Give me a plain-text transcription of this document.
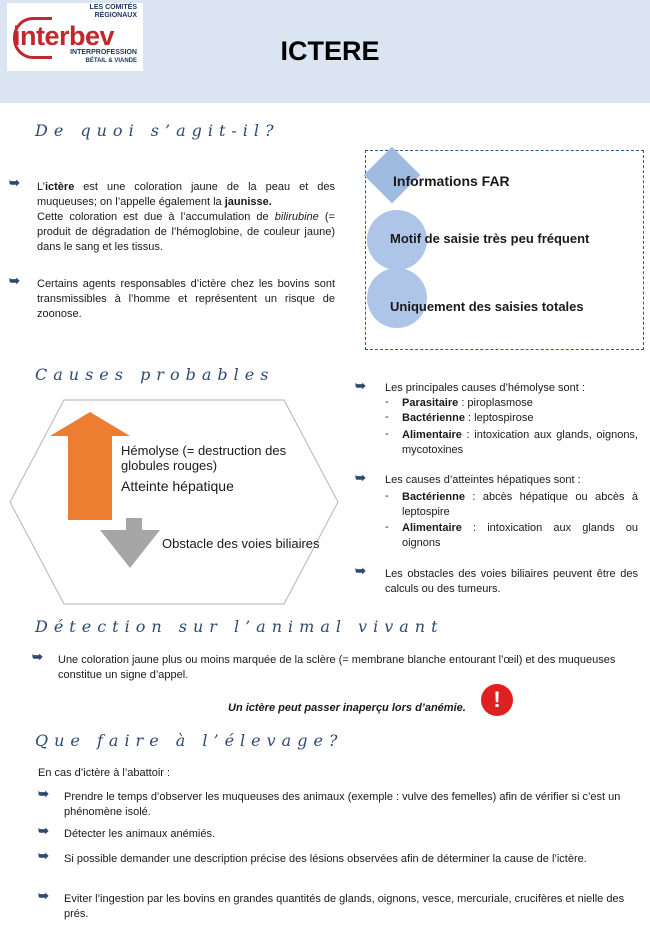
LES COMITÉS RÉGIONAUX
interbev
INTERPROFESSION
BÉTAIL & VIANDE	ICTERE
De quoi s’agit-il?
➥ L’ictère est une coloration jaune de la peau et des muqueuses; on l’appelle également la jaunisse.
Cette coloration est due à l’accumulation de bilirubine (= produit de dégradation de l’hémoglobine, de couleur jaune) dans le sang et les tissus.
➥ Certains agents responsables d’ictère chez les bovins sont transmissibles à l’homme et représentent un risque de zoonose.
Informations FAR
Motif de saisie très peu fréquent
Uniquement des saisies totales
Causes probables
Hémolyse (= destruction des globules rouges)
Atteinte hépatique
Obstacle des voies biliaires
➥ Les principales causes d’hémolyse sont :
- Parasitaire : piroplasmose
- Bactérienne : leptospirose
- Alimentaire : intoxication aux glands, oignons, mycotoxines
➥ Les causes d’atteintes hépatiques sont :
- Bactérienne : abcès hépatique ou abcès à leptospire
- Alimentaire : intoxication aux glands ou oignons
➥ Les obstacles des voies biliaires peuvent être des calculs ou des tumeurs.
Détection sur l’animal vivant
➥ Une coloration jaune plus ou moins marquée de la sclère (= membrane blanche entourant l’œil) et des muqueuses constitue un signe d’appel.
Un ictère peut passer inaperçu lors d’anémie.	!
Que faire à l’élevage?
En cas d’ictère à l’abattoir :
➥ Prendre le temps d’observer les muqueuses des animaux (exemple : vulve des femelles) afin de vérifier si c’est un phénomène isolé.
➥ Détecter les animaux anémiés.
➥ Si possible demander une description précise des lésions observées afin de déterminer la cause de l’ictère.
➥ Eviter l’ingestion par les bovins en grandes quantités de glands, oignons, vesce, mercuriale, crucifères et nielle des prés.
